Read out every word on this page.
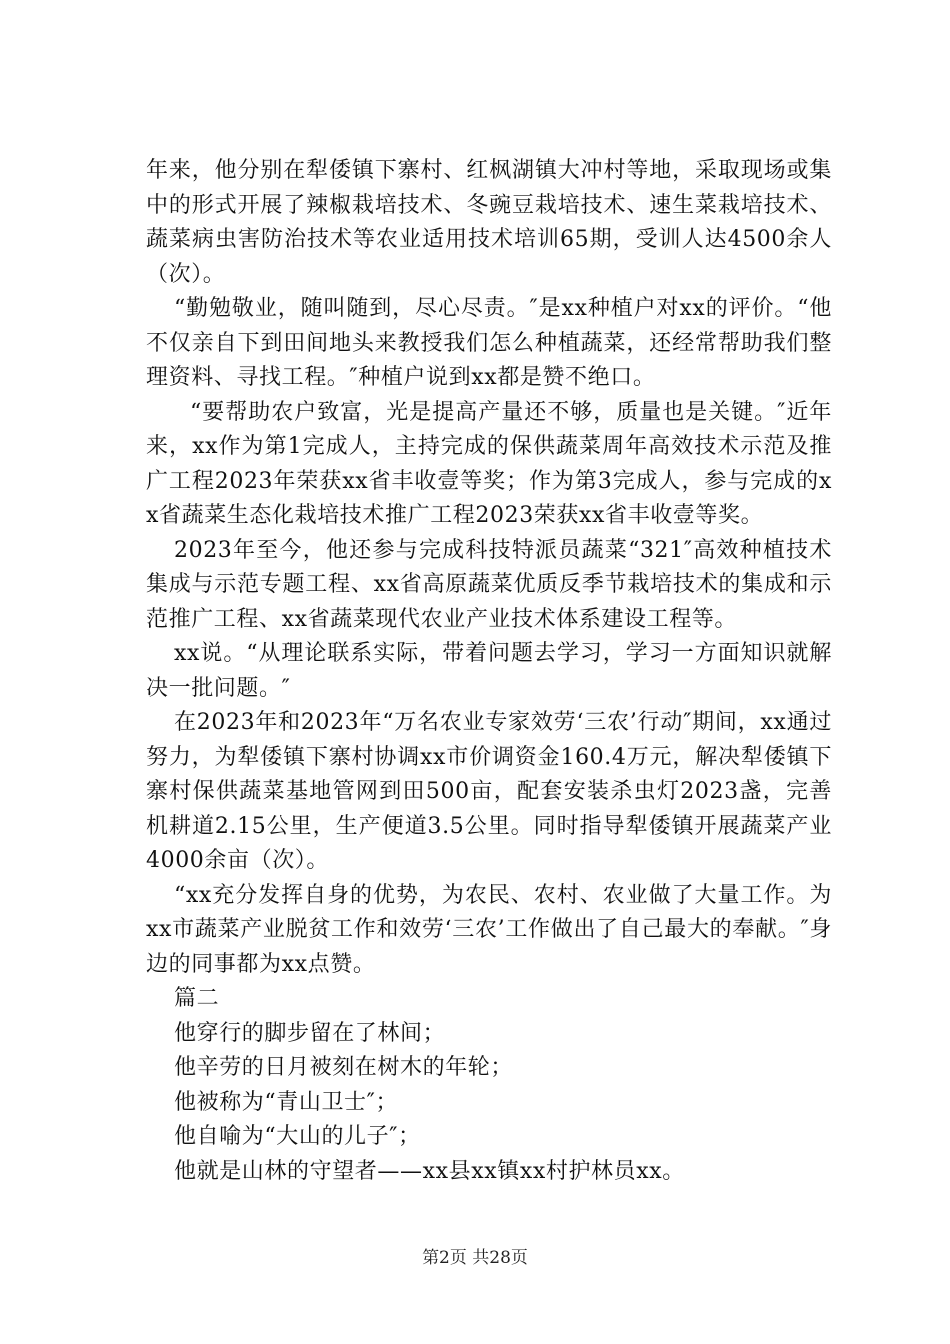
年来，他分别在犁倭镇下寨村、红枫湖镇大冲村等地，采取现场或集中的形式开展了辣椒栽培技术、冬豌豆栽培技术、速生菜栽培技术、蔬菜病虫害防治技术等农业适用技术培训65期，受训人达4500余人（次）。

“勤勉敬业，随叫随到，尽心尽责。″是xx种植户对xx的评价。“他不仅亲自下到田间地头来教授我们怎么种植蔬菜，还经常帮助我们整理资料、寻找工程。″种植户说到xx都是赞不绝口。

“要帮助农户致富，光是提高产量还不够，质量也是关键。″近年来，xx作为第1完成人，主持完成的保供蔬菜周年高效技术示范及推广工程2023年荣获xx省丰收壹等奖；作为第3完成人，参与完成的xx省蔬菜生态化栽培技术推广工程2023荣获xx省丰收壹等奖。

2023年至今，他还参与完成科技特派员蔬菜“321″高效种植技术集成与示范专题工程、xx省高原蔬菜优质反季节栽培技术的集成和示范推广工程、xx省蔬菜现代农业产业技术体系建设工程等。

xx说。“从理论联系实际，带着问题去学习，学习一方面知识就解决一批问题。″

在2023年和2023年“万名农业专家效劳‘三农’行动″期间，xx通过努力，为犁倭镇下寨村协调xx市价调资金160.4万元，解决犁倭镇下寨村保供蔬菜基地管网到田500亩，配套安装杀虫灯2023盏，完善机耕道2.15公里，生产便道3.5公里。同时指导犁倭镇开展蔬菜产业4000余亩（次）。

“xx充分发挥自身的优势，为农民、农村、农业做了大量工作。为xx市蔬菜产业脱贫工作和效劳‘三农’工作做出了自己最大的奉献。″身边的同事都为xx点赞。

篇二

他穿行的脚步留在了林间；

他辛劳的日月被刻在树木的年轮；

他被称为“青山卫士″；

他自喻为“大山的儿子″；

他就是山林的守望者——xx县xx镇xx村护林员xx。

第2页 共28页
